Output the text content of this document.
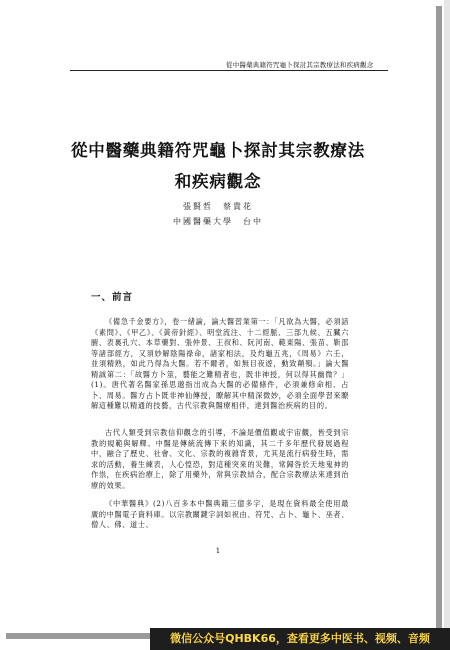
從中醫藥典籍符咒龜卜探討其宗教療法和疾病觀念
從中醫藥典籍符咒龜卜探討其宗教療法
和疾病觀念
張賢哲　蔡貴花
中國醫藥大學　台中
一、前言

《備急千金要方》，卷一緒論，論大醫習業第一：「凡欲為大醫，必須諳《素問》、《甲乙》、《黃帝針經》、明堂流注、十二經脈、三部九候、五臟六腑、表裏孔穴、本草藥對、張仲景、王叔和、阮河南、範東陽、張苗、靳邵等諸部經方，又須妙解陰陽祿命，諸家相法，及灼龜五兆，《周易》六壬，並須精熟，如此乃得為大醫。若不爾者，如無目夜遊，動致顛殞。」論大醫精誠第二：「故醫方卜筮，藝能之難精者也，既非神授，何以得其幽微？」(1)。唐代著名醫家孫思邈指出成為大醫的必備條件，必須兼修命相、占卜、周易。醫方占卜既非神仙傳授，瞭解其中精深微妙，必須全面學習來瞭解這種難以精通的技藝，古代宗教與醫療相伴，達到醫治疾病的目的。

古代人類受到宗教信仰觀念的引導，不論是價值觀或宇宙觀，皆受到宗教的規範與解釋。中醫是傳統流傳下來的知識，其二千多年歷代發展過程中，融合了歷史、社會、文化、宗教的複雜背景，尤其是流行病發生時，需求的活動，養生練表，人心惶恐，對這種突來的災難，常歸咎於天地鬼神的作祟，在疾病治療上，除了用藥外，常與宗教結合，配合宗教療法來達到治療的效果。

《中華醫典》(2)八百多本中醫典籍三億多字，是現在資料最全使用最廣的中醫電子資料庫。以宗教關鍵字詞如祝由、符咒、占卜、龜卜、巫者、僧人、佛、道士、

1
微信公众号QHBK66，查看更多中医书、视频、音频
